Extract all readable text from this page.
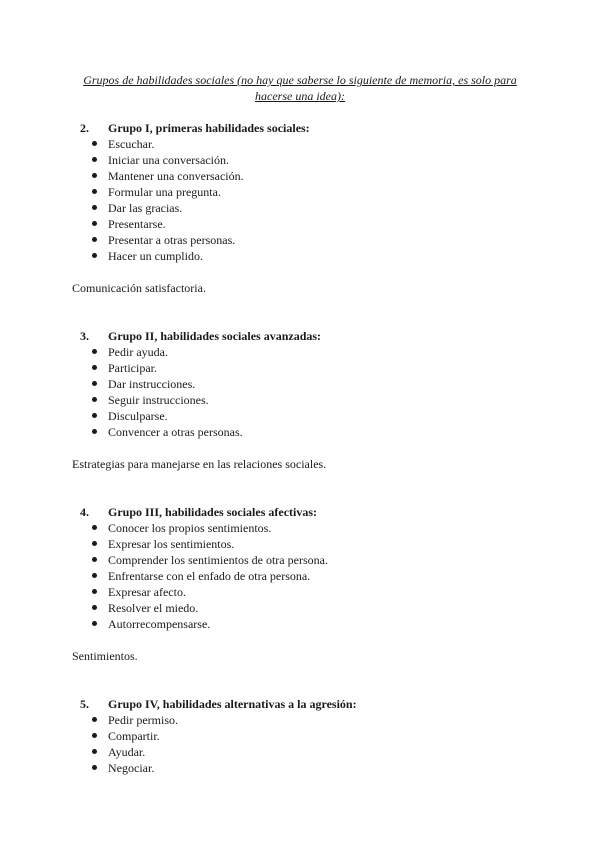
Grupos de habilidades sociales (no hay que saberse lo siguiente de memoria, es solo para hacerse una idea):
2. Grupo I, primeras habilidades sociales:
Escuchar.
Iniciar una conversación.
Mantener una conversación.
Formular una pregunta.
Dar las gracias.
Presentarse.
Presentar a otras personas.
Hacer un cumplido.
Comunicación satisfactoria.
3. Grupo II, habilidades sociales avanzadas:
Pedir ayuda.
Participar.
Dar instrucciones.
Seguir instrucciones.
Disculparse.
Convencer a otras personas.
Estrategias para manejarse en las relaciones sociales.
4. Grupo III, habilidades sociales afectivas:
Conocer los propios sentimientos.
Expresar los sentimientos.
Comprender los sentimientos de otra persona.
Enfrentarse con el enfado de otra persona.
Expresar afecto.
Resolver el miedo.
Autorrecompensarse.
Sentimientos.
5. Grupo IV, habilidades alternativas a la agresión:
Pedir permiso.
Compartir.
Ayudar.
Negociar.
